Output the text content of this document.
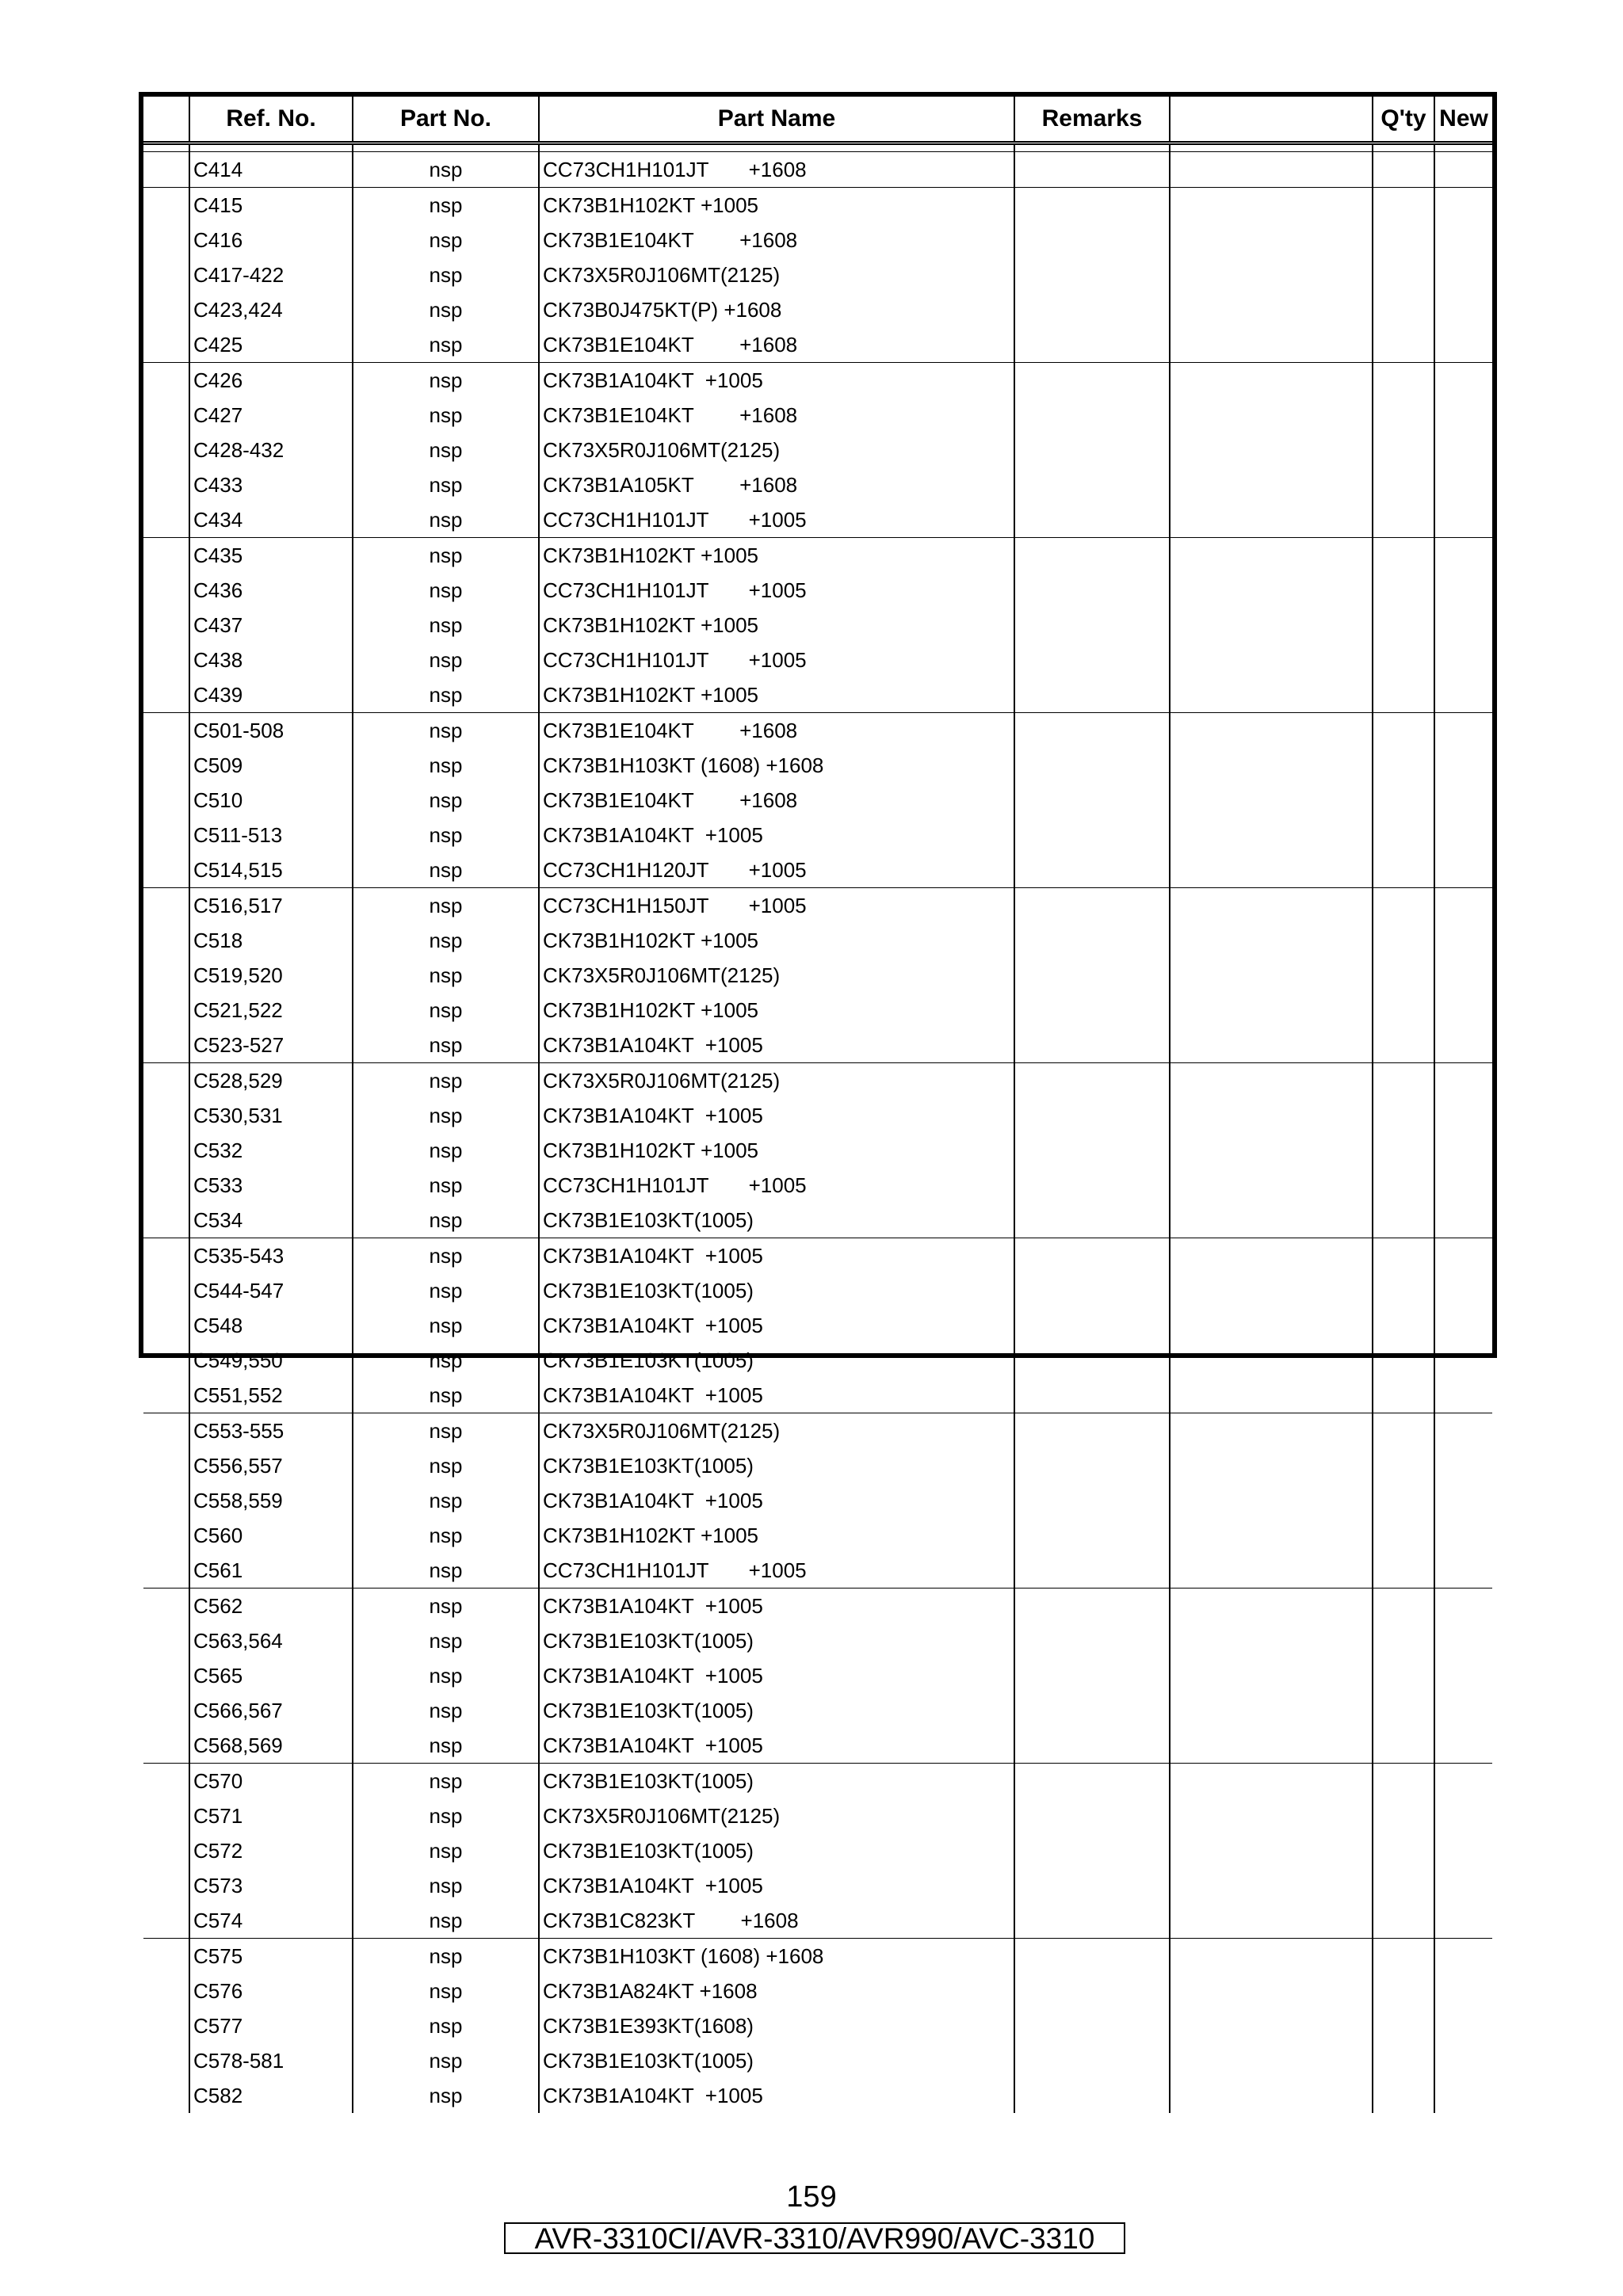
	Ref. No.	Part No.	Part Name	Remarks		Q'ty	New

	C414	nsp	CC73CH1H101JT       +1608				
	C415	nsp	CK73B1H102KT +1005				
	C416	nsp	CK73B1E104KT        +1608				
	C417-422	nsp	CK73X5R0J106MT(2125)				
	C423,424	nsp	CK73B0J475KT(P) +1608				
	C425	nsp	CK73B1E104KT        +1608				
	C426	nsp	CK73B1A104KT  +1005				
	C427	nsp	CK73B1E104KT        +1608				
	C428-432	nsp	CK73X5R0J106MT(2125)				
	C433	nsp	CK73B1A105KT        +1608				
	C434	nsp	CC73CH1H101JT       +1005				
	C435	nsp	CK73B1H102KT +1005				
	C436	nsp	CC73CH1H101JT       +1005				
	C437	nsp	CK73B1H102KT +1005				
	C438	nsp	CC73CH1H101JT       +1005				
	C439	nsp	CK73B1H102KT +1005				
	C501-508	nsp	CK73B1E104KT        +1608				
	C509	nsp	CK73B1H103KT (1608) +1608				
	C510	nsp	CK73B1E104KT        +1608				
	C511-513	nsp	CK73B1A104KT  +1005				
	C514,515	nsp	CC73CH1H120JT       +1005				
	C516,517	nsp	CC73CH1H150JT       +1005				
	C518	nsp	CK73B1H102KT +1005				
	C519,520	nsp	CK73X5R0J106MT(2125)				
	C521,522	nsp	CK73B1H102KT +1005				
	C523-527	nsp	CK73B1A104KT  +1005				
	C528,529	nsp	CK73X5R0J106MT(2125)				
	C530,531	nsp	CK73B1A104KT  +1005				
	C532	nsp	CK73B1H102KT +1005				
	C533	nsp	CC73CH1H101JT       +1005				
	C534	nsp	CK73B1E103KT(1005)				
	C535-543	nsp	CK73B1A104KT  +1005				
	C544-547	nsp	CK73B1E103KT(1005)				
	C548	nsp	CK73B1A104KT  +1005				
	C549,550	nsp	CK73B1E103KT(1005)				
	C551,552	nsp	CK73B1A104KT  +1005				
	C553-555	nsp	CK73X5R0J106MT(2125)				
	C556,557	nsp	CK73B1E103KT(1005)				
	C558,559	nsp	CK73B1A104KT  +1005				
	C560	nsp	CK73B1H102KT +1005				
	C561	nsp	CC73CH1H101JT       +1005				
	C562	nsp	CK73B1A104KT  +1005				
	C563,564	nsp	CK73B1E103KT(1005)				
	C565	nsp	CK73B1A104KT  +1005				
	C566,567	nsp	CK73B1E103KT(1005)				
	C568,569	nsp	CK73B1A104KT  +1005				
	C570	nsp	CK73B1E103KT(1005)				
	C571	nsp	CK73X5R0J106MT(2125)				
	C572	nsp	CK73B1E103KT(1005)				
	C573	nsp	CK73B1A104KT  +1005				
	C574	nsp	CK73B1C823KT        +1608				
	C575	nsp	CK73B1H103KT (1608) +1608				
	C576	nsp	CK73B1A824KT +1608				
	C577	nsp	CK73B1E393KT(1608)				
	C578-581	nsp	CK73B1E103KT(1005)				
	C582	nsp	CK73B1A104KT  +1005				
159
AVR-3310CI/AVR-3310/AVR990/AVC-3310
